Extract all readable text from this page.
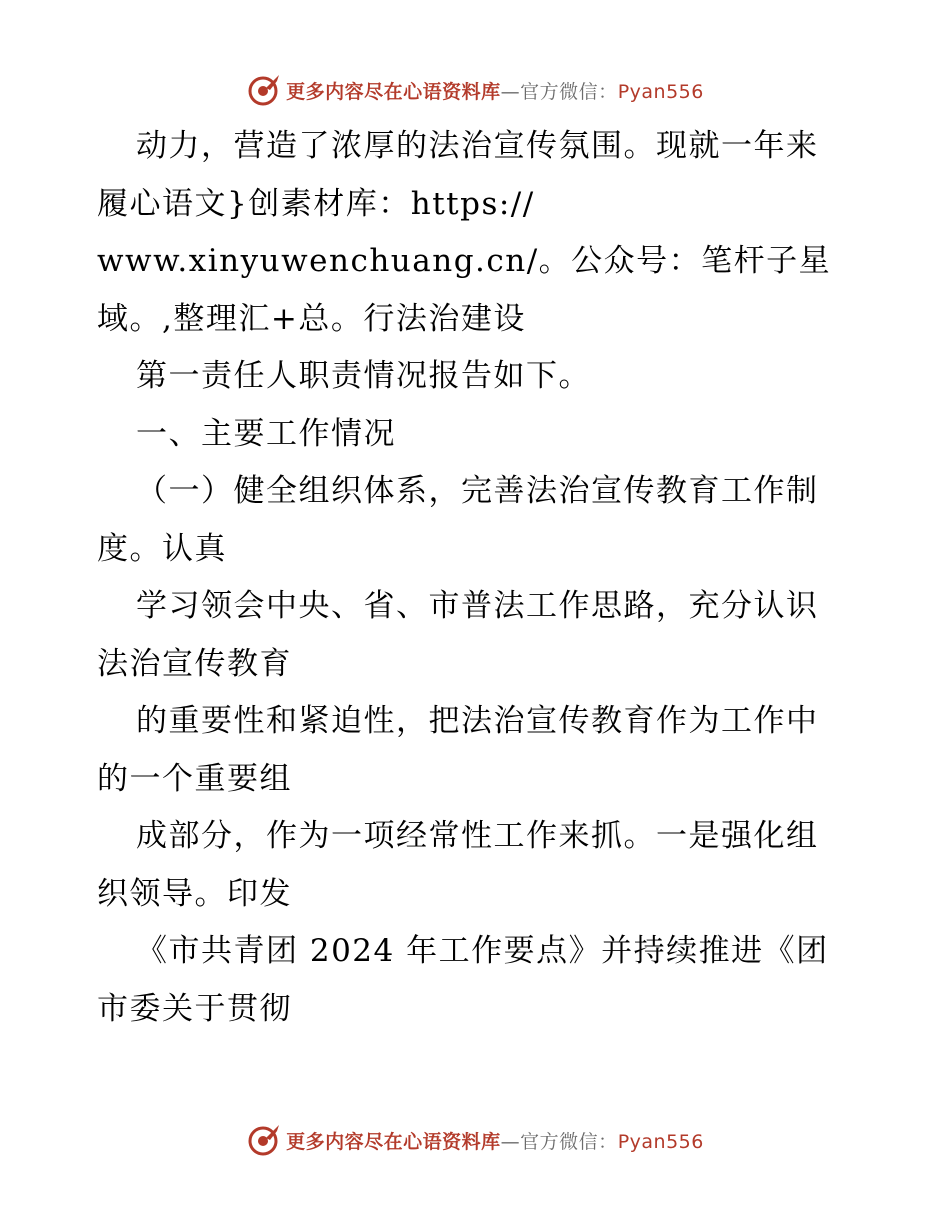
更多内容尽在心语资料库—官方微信：Pyan556
动力，营造了浓厚的法治宣传氛围。现就一年来
履心语文}创素材库：https://
www.xinyuwenchuang.cn/。公众号：笔杆子星
域。,整理汇+总。行法治建设
第一责任人职责情况报告如下。
一、主要工作情况
（一）健全组织体系，完善法治宣传教育工作制
度。认真
学习领会中央、省、市普法工作思路，充分认识
法治宣传教育
的重要性和紧迫性，把法治宣传教育作为工作中
的一个重要组
成部分，作为一项经常性工作来抓。一是强化组
织领导。印发
《市共青团 2024 年工作要点》并持续推进《团
市委关于贯彻
更多内容尽在心语资料库—官方微信：Pyan556
